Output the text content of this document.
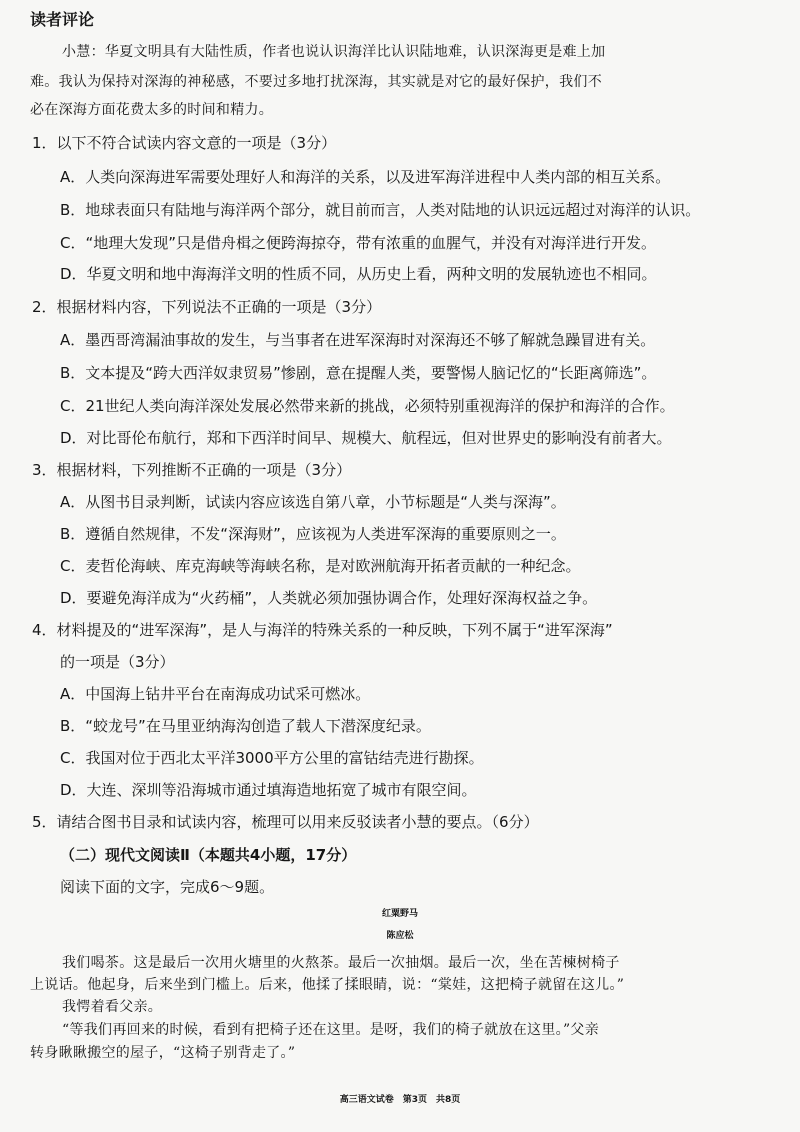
读者评论
小慧：华夏文明具有大陆性质，作者也说认识海洋比认识陆地难，认识深海更是难上加
难。我认为保持对深海的神秘感，不要过多地打扰深海，其实就是对它的最好保护，我们不
必在深海方面花费太多的时间和精力。
1．以下不符合试读内容文意的一项是（3分）
A．人类向深海进军需要处理好人和海洋的关系，以及进军海洋进程中人类内部的相互关系。
B．地球表面只有陆地与海洋两个部分，就目前而言，人类对陆地的认识远远超过对海洋的认识。
C．“地理大发现”只是借舟楫之便跨海掠夺，带有浓重的血腥气，并没有对海洋进行开发。
D．华夏文明和地中海海洋文明的性质不同，从历史上看，两种文明的发展轨迹也不相同。
2．根据材料内容，下列说法不正确的一项是（3分）
A．墨西哥湾漏油事故的发生，与当事者在进军深海时对深海还不够了解就急躁冒进有关。
B．文本提及“跨大西洋奴隶贸易”惨剧，意在提醒人类，要警惕人脑记忆的“长距离筛选”。
C．21世纪人类向海洋深处发展必然带来新的挑战，必须特别重视海洋的保护和海洋的合作。
D．对比哥伦布航行，郑和下西洋时间早、规模大、航程远，但对世界史的影响没有前者大。
3．根据材料，下列推断不正确的一项是（3分）
A．从图书目录判断，试读内容应该选自第八章，小节标题是“人类与深海”。
B．遵循自然规律，不发“深海财”，应该视为人类进军深海的重要原则之一。
C．麦哲伦海峡、库克海峡等海峡名称，是对欧洲航海开拓者贡献的一种纪念。
D．要避免海洋成为“火药桶”，人类就必须加强协调合作，处理好深海权益之争。
4．材料提及的“进军深海”，是人与海洋的特殊关系的一种反映，下列不属于“进军深海”
的一项是（3分）
A．中国海上钻井平台在南海成功试采可燃冰。
B．“蛟龙号”在马里亚纳海沟创造了载人下潜深度纪录。
C．我国对位于西北太平洋3000平方公里的富钴结壳进行勘探。
D．大连、深圳等沿海城市通过填海造地拓宽了城市有限空间。
5．请结合图书目录和试读内容，梳理可以用来反驳读者小慧的要点。（6分）
（二）现代文阅读Ⅱ（本题共4小题，17分）
阅读下面的文字，完成6～9题。
红粟野马
陈应松
我们喝茶。这是最后一次用火塘里的火熬茶。最后一次抽烟。最后一次，坐在苦楝树椅子
上说话。他起身，后来坐到门槛上。后来，他揉了揉眼睛，说：“棠娃，这把椅子就留在这儿。”
我愕着看父亲。
“等我们再回来的时候，看到有把椅子还在这里。是呀，我们的椅子就放在这里。”父亲
转身瞅瞅搬空的屋子，“这椅子别背走了。”
高三语文试卷　第3页　共8页
